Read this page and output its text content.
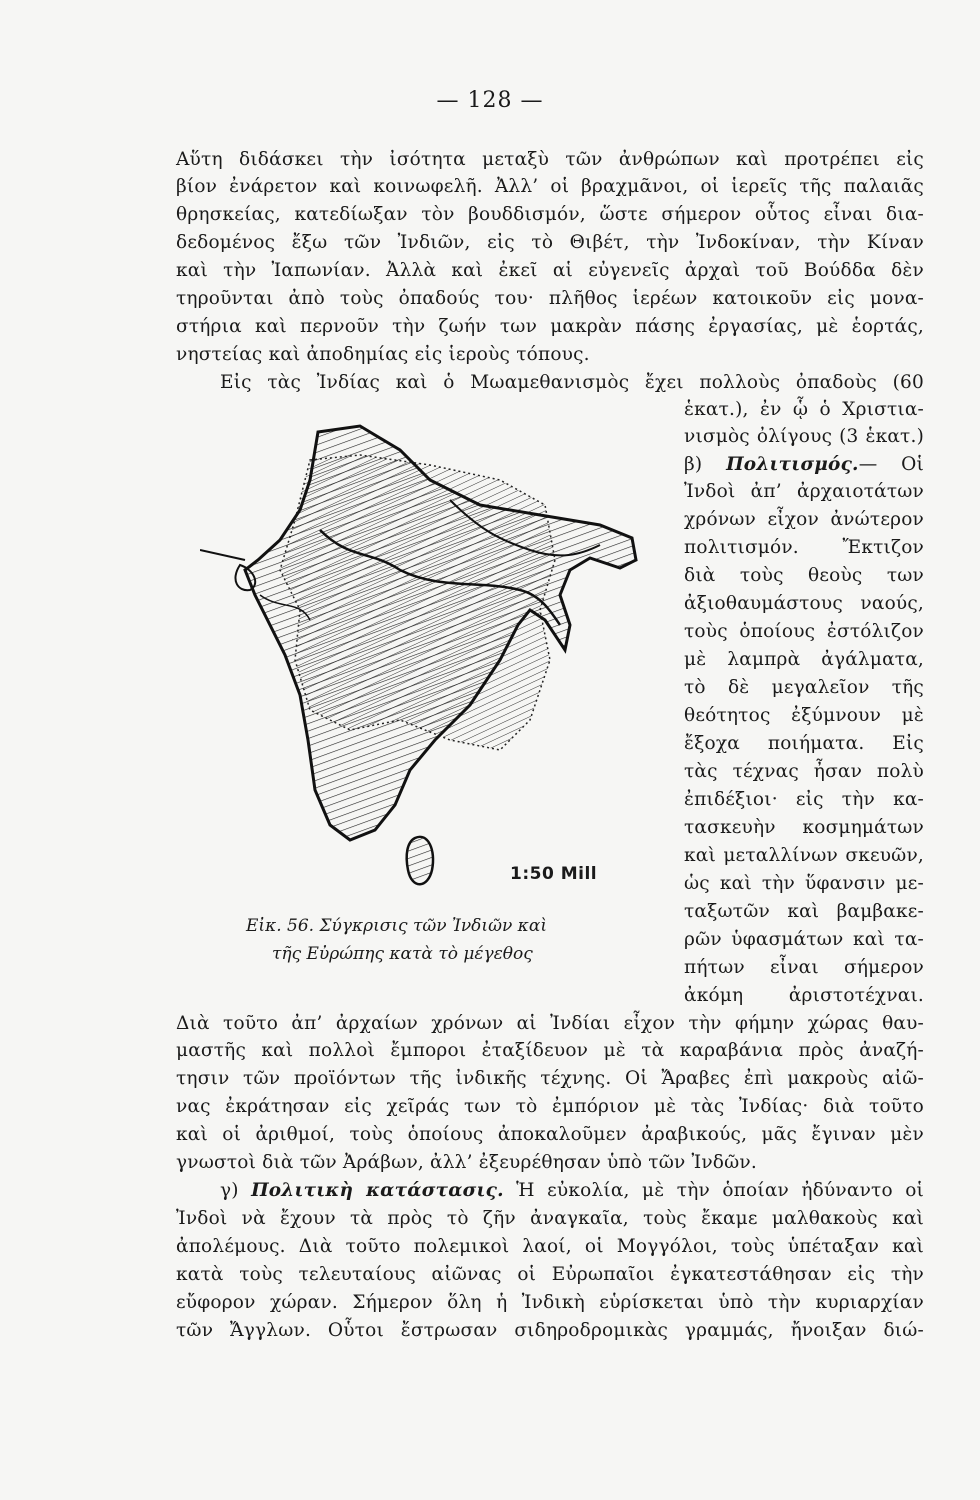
— 128 —
Αὕτη διδάσκει τὴν ἰσότητα μεταξὺ τῶν ἀνθρώπων καὶ προτρέπει εἰς
βίον ἐνάρετον καὶ κοινωφελῆ. Ἀλλ’ οἱ βραχμᾶνοι, οἱ ἱερεῖς τῆς παλαιᾶς
θρησκείας, κατεδίωξαν τὸν βουδδισμόν, ὥστε σήμερον οὗτος εἶναι δια-
δεδομένος ἔξω τῶν Ἰνδιῶν, εἰς τὸ Θιβέτ, τὴν Ἰνδοκίναν, τὴν Κίναν
καὶ τὴν Ἰαπωνίαν. Ἀλλὰ καὶ ἐκεῖ αἱ εὐγενεῖς ἀρχαὶ τοῦ Βούδδα δὲν
τηροῦνται ἀπὸ τοὺς ὀπαδούς του· πλῆθος ἱερέων κατοικοῦν εἰς μονα-
στήρια καὶ περνοῦν τὴν ζωήν των μακρὰν πάσης ἐργασίας, μὲ ἑορτάς,
νηστείας καὶ ἀποδημίας εἰς ἱεροὺς τόπους.
Εἰς τὰς Ἰνδίας καὶ ὁ Μωαμεθανισμὸς ἔχει πολλοὺς ὀπαδοὺς (60
ἑκατ.), ἐν ᾧ ὁ Χριστια-
νισμὸς ὀλίγους (3 ἑκατ.)
β) Πολιτισμός.— Οἱ
Ἰνδοὶ ἀπ’ ἀρχαιοτάτων
χρόνων εἶχον ἀνώτερον
πολιτισμόν. Ἔκτιζον
διὰ τοὺς θεοὺς των
ἀξιοθαυμάστους ναούς,
τοὺς ὁποίους ἐστόλιζον
μὲ λαμπρὰ ἀγάλματα,
τὸ δὲ μεγαλεῖον τῆς
θεότητος ἐξύμνουν μὲ
ἔξοχα ποιήματα. Εἰς
τὰς τέχνας ἦσαν πολὺ
ἐπιδέξιοι· εἰς τὴν κα-
τασκευὴν κοσμημάτων
καὶ μεταλλίνων σκευῶν,
ὡς καὶ τὴν ὕφανσιν με-
ταξωτῶν καὶ βαμβακε-
ρῶν ὑφασμάτων καὶ τα-
πήτων εἶναι σήμερον
ἀκόμη ἀριστοτέχναι.
1:50 Mill
Εἰκ. 56. Σύγκρισις τῶν Ἰνδιῶν καὶ
τῆς Εὐρώπης κατὰ τὸ μέγεθος
Διὰ τοῦτο ἀπ’ ἀρχαίων χρόνων αἱ Ἰνδίαι εἶχον τὴν φήμην χώρας θαυ-
μαστῆς καὶ πολλοὶ ἔμποροι ἐταξίδευον μὲ τὰ καραβάνια πρὸς ἀναζή-
τησιν τῶν προϊόντων τῆς ἰνδικῆς τέχνης. Οἱ Ἄραβες ἐπὶ μακροὺς αἰῶ-
νας ἐκράτησαν εἰς χεῖράς των τὸ ἐμπόριον μὲ τὰς Ἰνδίας· διὰ τοῦτο
καὶ οἱ ἀριθμοί, τοὺς ὁποίους ἀποκαλοῦμεν ἀραβικούς, μᾶς ἔγιναν μὲν
γνωστοὶ διὰ τῶν Ἀράβων, ἀλλ’ ἐξευρέθησαν ὑπὸ τῶν Ἰνδῶν.
γ) Πολιτικὴ κατάστασις. Ἡ εὐκολία, μὲ τὴν ὁποίαν ἠδύναντο οἱ
Ἰνδοὶ νὰ ἔχουν τὰ πρὸς τὸ ζῆν ἀναγκαῖα, τοὺς ἔκαμε μαλθακοὺς καὶ
ἀπολέμους. Διὰ τοῦτο πολεμικοὶ λαοί, οἱ Μογγόλοι, τοὺς ὑπέταξαν καὶ
κατὰ τοὺς τελευταίους αἰῶνας οἱ Εὐρωπαῖοι ἐγκατεστάθησαν εἰς τὴν
εὔφορον χώραν. Σήμερον ὅλη ἡ Ἰνδικὴ εὑρίσκεται ὑπὸ τὴν κυριαρχίαν
τῶν Ἄγγλων. Οὗτοι ἔστρωσαν σιδηροδρομικὰς γραμμάς, ἤνοιξαν διώ-
